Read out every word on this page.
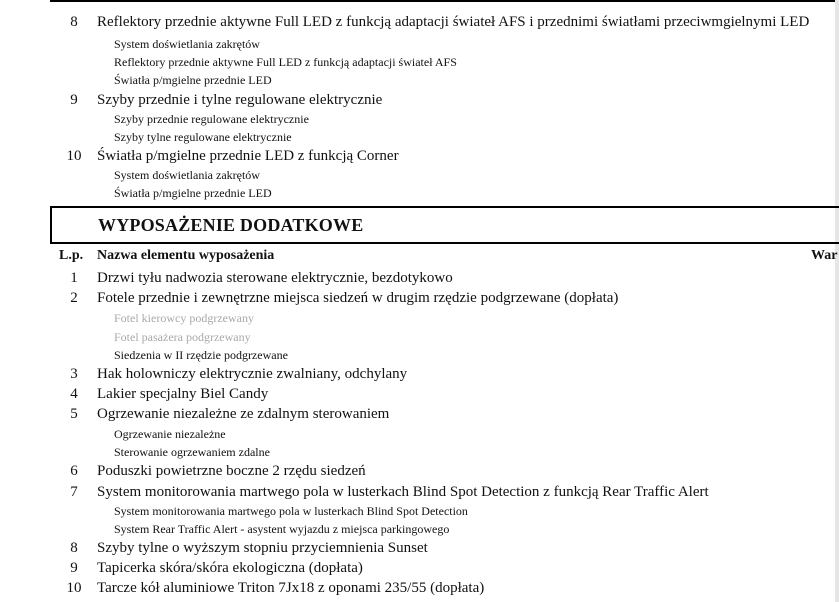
8	Reflektory przednie aktywne Full LED z funkcją adaptacji świateł AFS i przednimi światłami przeciwmgielnymi LED
System doświetlania zakrętów
Reflektory przednie aktywne Full LED z funkcją adaptacji świateł AFS
Światła p/mgielne przednie LED
9	Szyby przednie i tylne regulowane elektrycznie
Szyby przednie regulowane elektrycznie
Szyby tylne regulowane elektrycznie
10	Światła p/mgielne przednie LED z funkcją Corner
System doświetlania zakrętów
Światła p/mgielne przednie LED
WYPOSAŻENIE DODATKOWE
L.p. Nazwa elementu wyposażenia	War
1	Drzwi tyłu nadwozia sterowane elektrycznie, bezdotykowo
2	Fotele przednie i zewnętrzne miejsca siedzeń w drugim rzędzie podgrzewane (dopłata)
Fotel kierowcy podgrzewany
Fotel pasażera podgrzewany
Siedzenia w II rzędzie podgrzewane
3	Hak holowniczy elektrycznie zwalniany, odchylany
4	Lakier specjalny Biel Candy
5	Ogrzewanie niezależne ze zdalnym sterowaniem
Ogrzewanie niezależne
Sterowanie ogrzewaniem zdalne
6	Poduszki powietrzne boczne 2 rzędu siedzeń
7	System monitorowania martwego pola w lusterkach Blind Spot Detection z funkcją Rear Traffic Alert
System monitorowania martwego pola w lusterkach Blind Spot Detection
System Rear Traffic Alert - asystent wyjazdu z miejsca parkingowego
8	Szyby tylne o wyższym stopniu przyciemnienia Sunset
9	Tapicerka skóra/skóra ekologiczna (dopłata)
10	Tarcze kół aluminiowe Triton 7Jx18 z oponami 235/55 (dopłata)
